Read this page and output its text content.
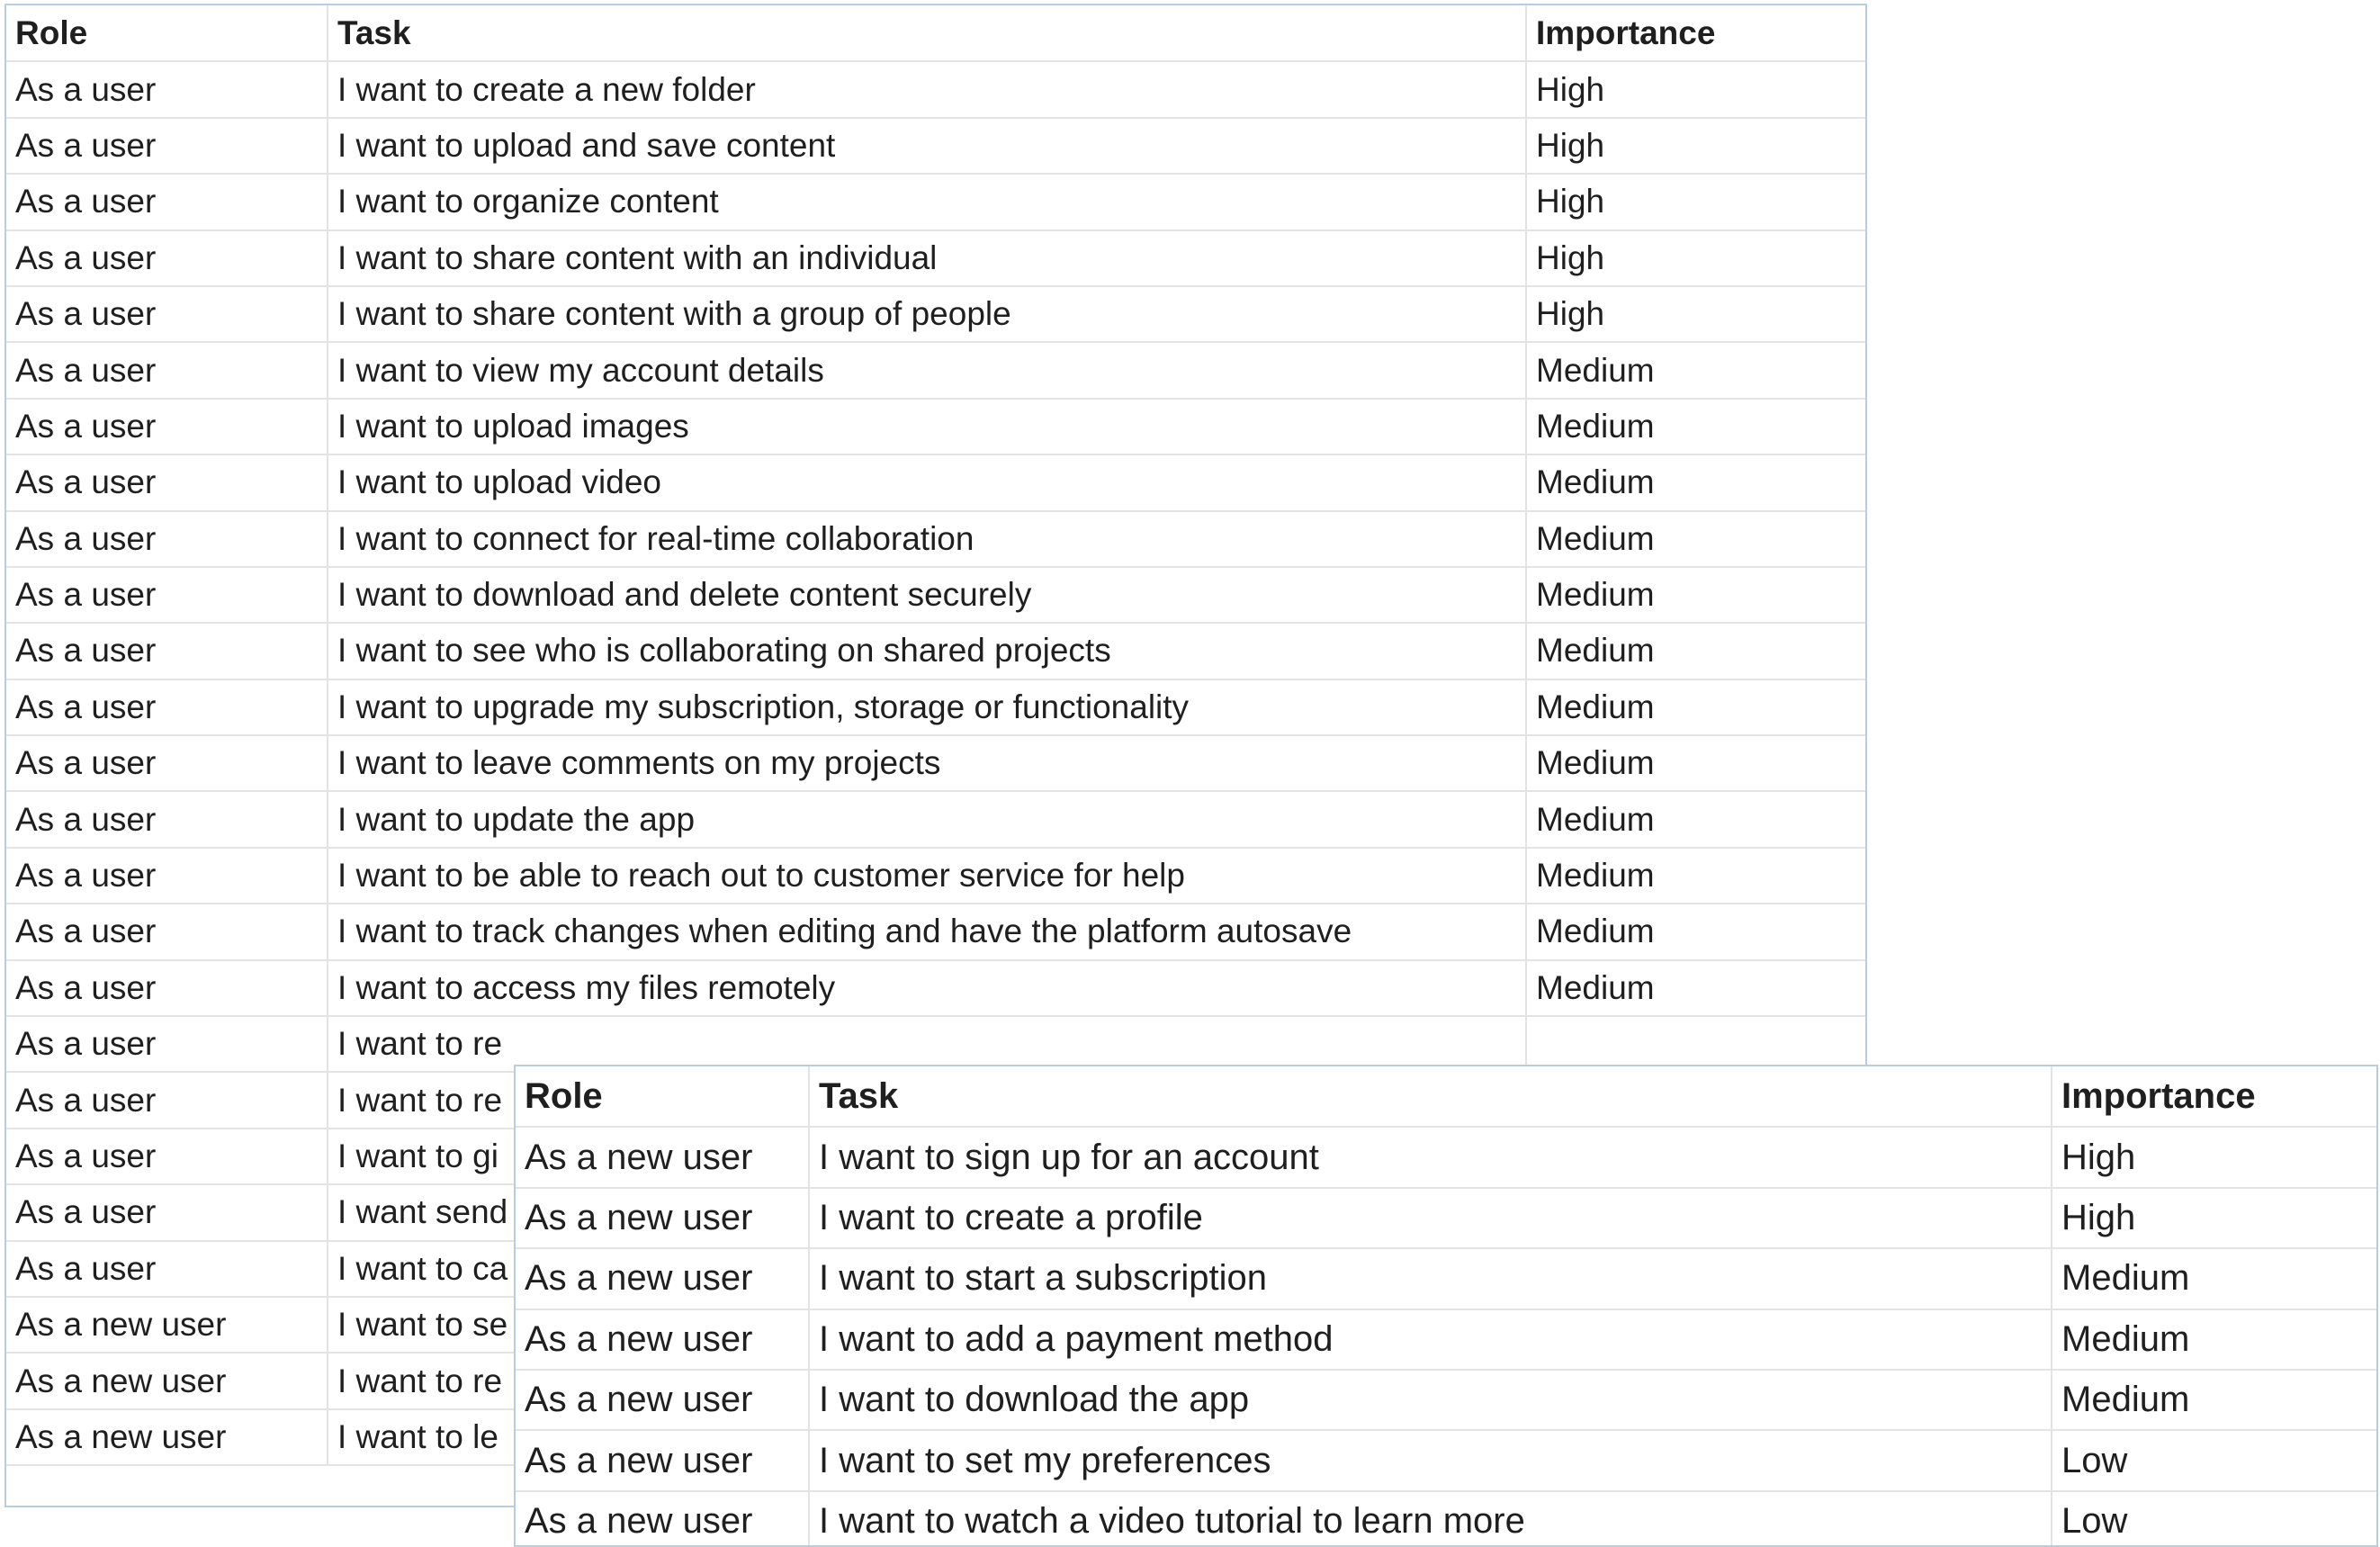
Role	Task	Importance
As a user	I want to create a new folder	High
As a user	I want to upload and save content	High
As a user	I want to organize content	High
As a user	I want to share content with an individual	High
As a user	I want to share content with a group of people	High
As a user	I want to view my account details	Medium
As a user	I want to upload images	Medium
As a user	I want to upload video	Medium
As a user	I want to connect for real-time collaboration	Medium
As a user	I want to download and delete content securely	Medium
As a user	I want to see who is collaborating on shared projects	Medium
As a user	I want to upgrade my subscription, storage or functionality	Medium
As a user	I want to leave comments on my projects	Medium
As a user	I want to update the app	Medium
As a user	I want to be able to reach out to customer service for help	Medium
As a user	I want to track changes when editing and have the platform autosave	Medium
As a user	I want to access my files remotely	Medium
As a user	I want to re	
As a user	I want to re	
As a user	I want to gi	
As a user	I want send	
As a user	I want to ca	
As a new user	I want to se	
As a new user	I want to re	
As a new user	I want to le	
Role	Task	Importance
As a new user	I want to sign up for an account	High
As a new user	I want to create a profile	High
As a new user	I want to start a subscription	Medium
As a new user	I want to add a payment method	Medium
As a new user	I want to download the app	Medium
As a new user	I want to set my preferences	Low
As a new user	I want to watch a video tutorial to learn more	Low
